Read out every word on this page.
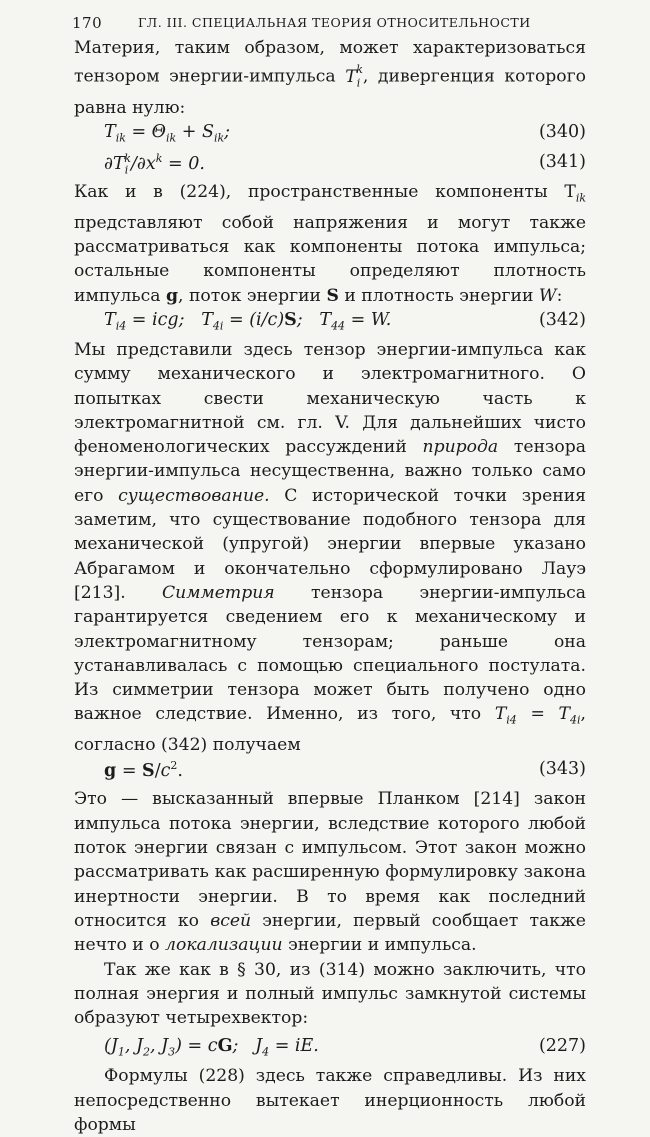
170	ГЛ. III. СПЕЦИАЛЬНАЯ ТЕОРИЯ ОТНОСИТЕЛЬНОСТИ

Материя, таким образом, может характеризоваться тензором энергии-импульса $T_i^k$, дивергенция которого равна нулю:

$T_{ik} = \Theta_{ik} + S_{ik}$;	(340)
$\partial T_i^k/\partial x^k = 0$.	(341)

Как и в (224), пространственные компоненты $T_{ik}$ представляют собой напряжения и могут также рассматриваться как компоненты потока импульса; остальные компоненты определяют плотность импульса g, поток энергии S и плотность энергии W:

$T_{i4}$ = icg;   $T_{4i} = (i/c)S$;   $T_{44} = W$.	(342)

Мы представили здесь тензор энергии-импульса как сумму механического и электромагнитного. О попытках свести механическую часть к электромагнитной см. гл. V. Для дальнейших чисто феноменологических рассуждений природа тензора энергии-импульса несущественна, важно только само его существование. С исторической точки зрения заметим, что существование подобного тензора для механической (упругой) энергии впервые указано Абрагамом и окончательно сформулировано Лауэ [213]. Симметрия тензора энергии-импульса гарантируется сведением его к механическому и электромагнитному тензорам; раньше она устанавливалась с помощью специального постулата. Из симметрии тензора может быть получено одно важное следствие. Именно, из того, что $T_{i4} = T_{4i}$, согласно (342) получаем

$g = S/c^2$.	(343)

Это — высказанный впервые Планком [214] закон импульса потока энергии, вследствие которого любой поток энергии связан с импульсом. Этот закон можно рассматривать как расширенную формулировку закона инертности энергии. В то время как последний относится ко всей энергии, первый сообщает также нечто и о локализации энергии и импульса.

Так же как в § 30, из (314) можно заключить, что полная энергия и полный импульс замкнутой системы образуют четырехвектор:

($J_1$, $J_2$, $J_3$) = cG;   $J_4$ = iE.	(227)

Формулы (228) здесь также справедливы. Из них непосредственно вытекает инерционность любой формы
